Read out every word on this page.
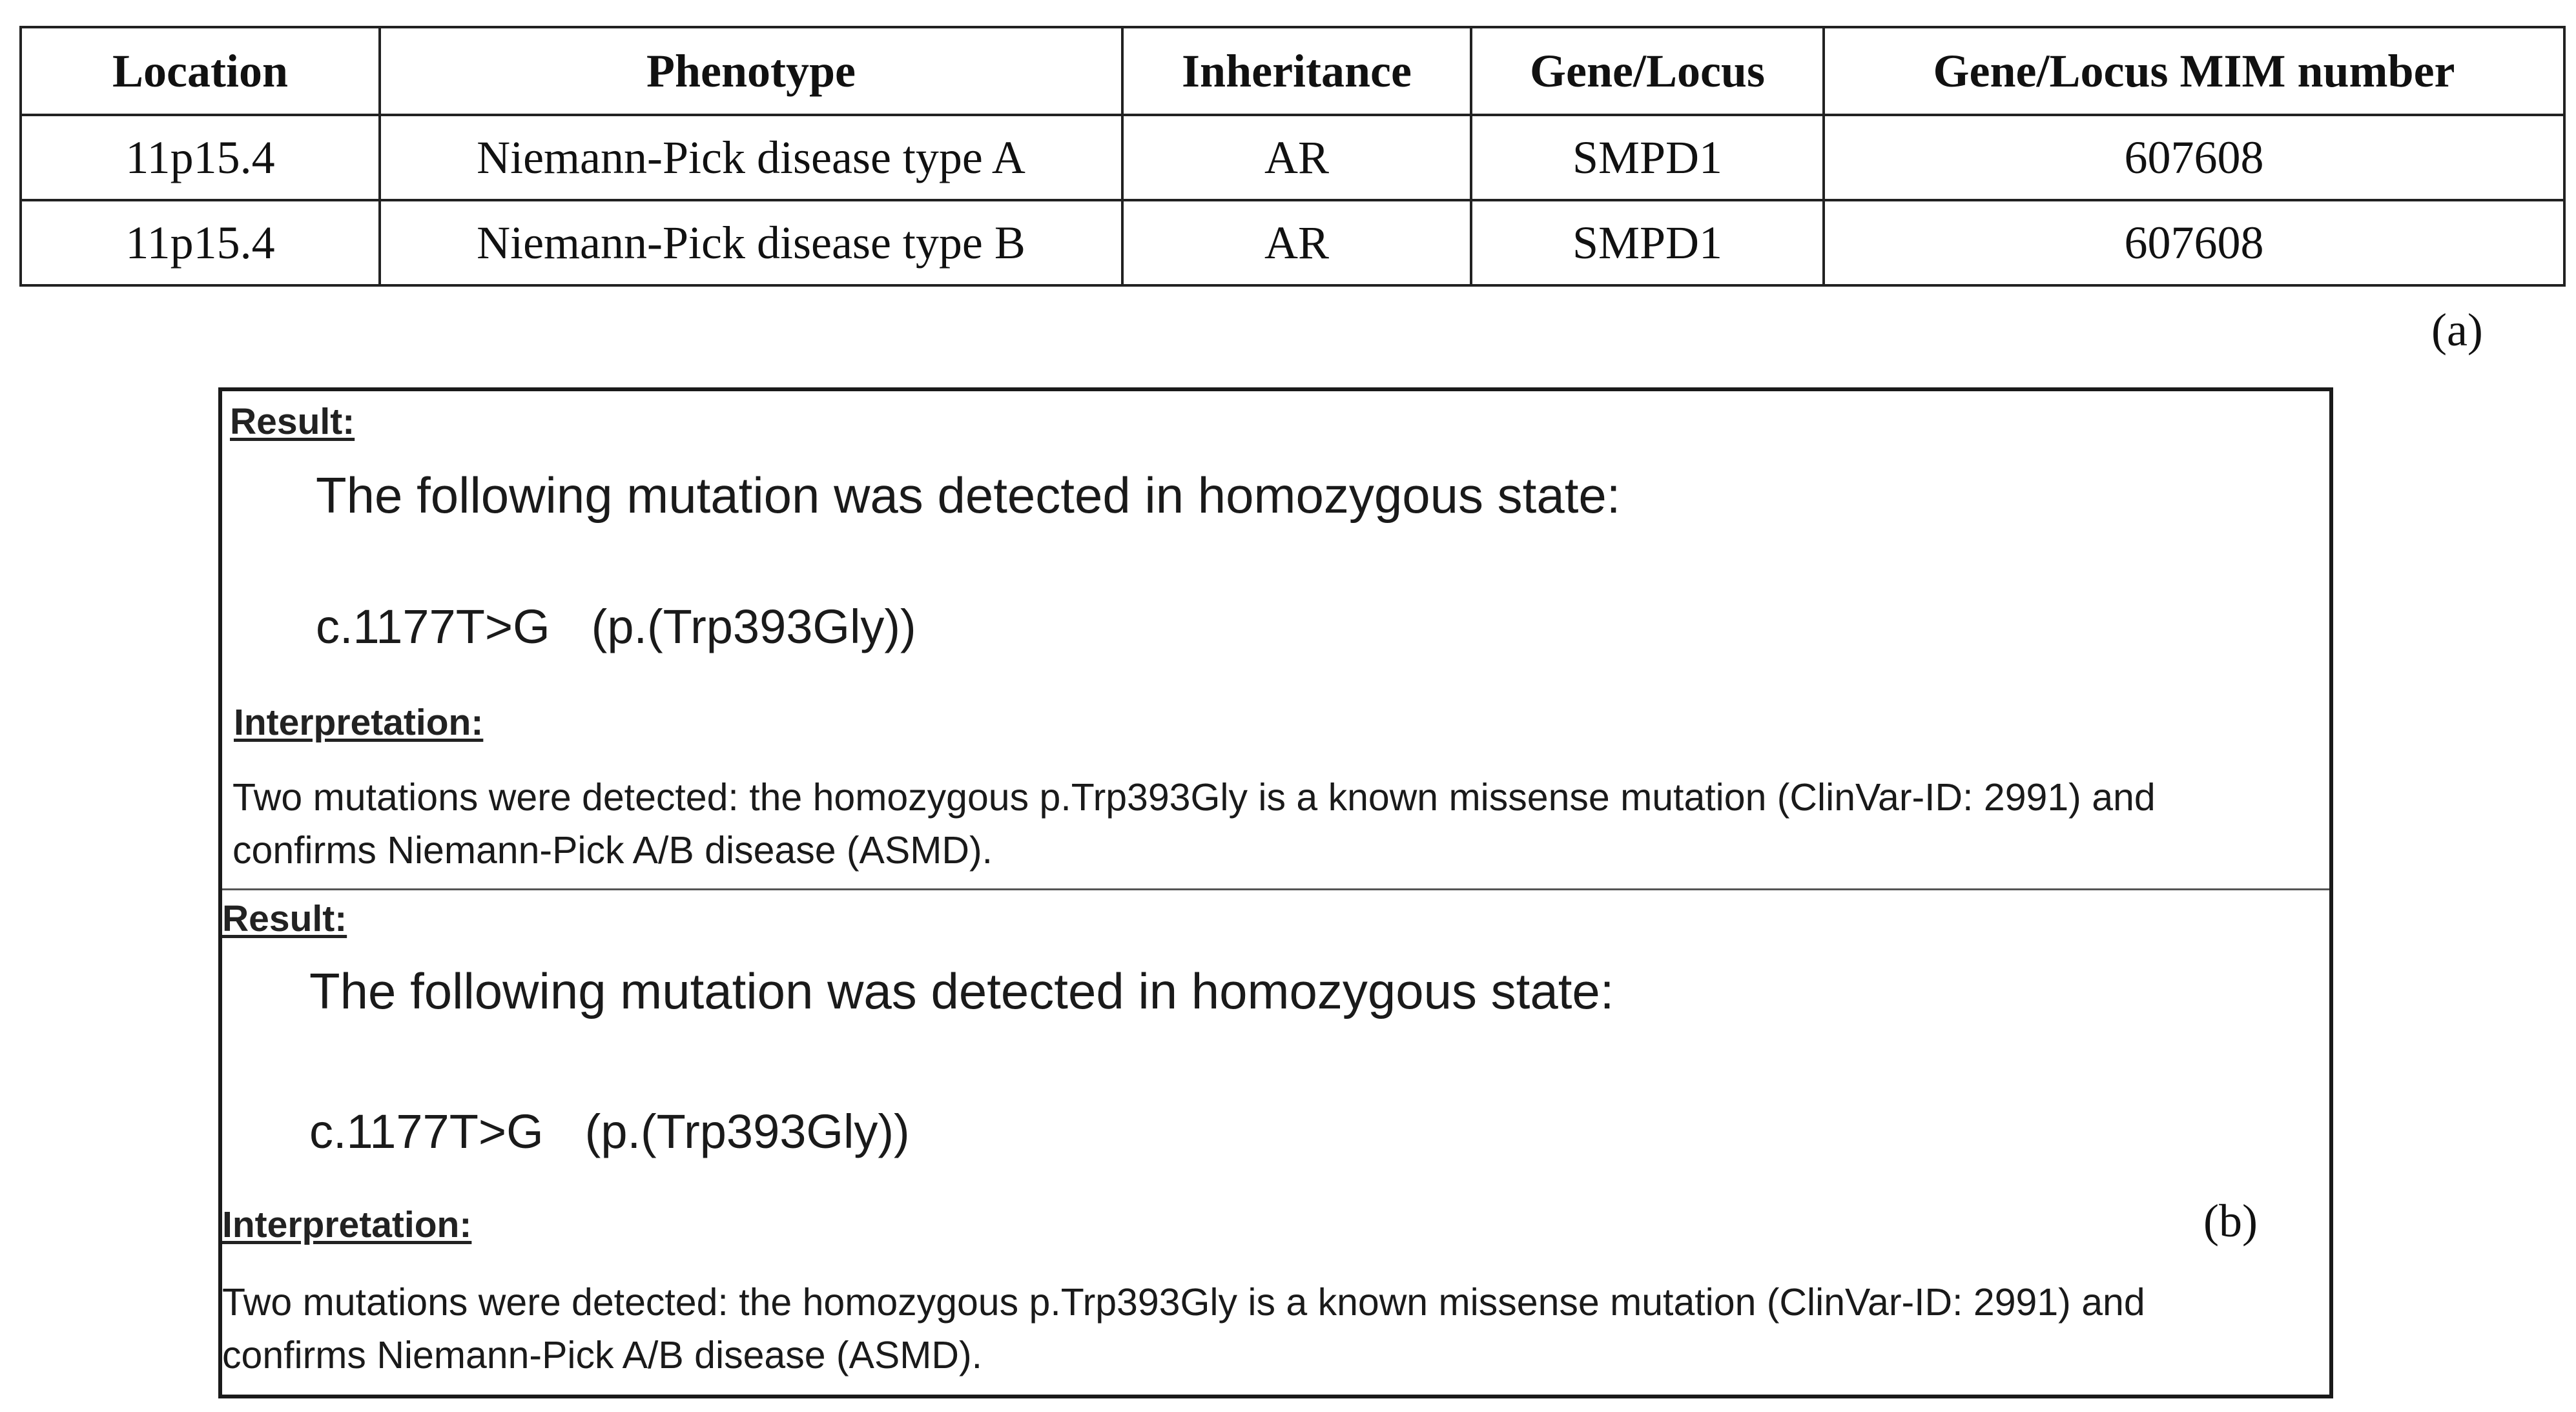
Location	Phenotype	Inheritance	Gene/Locus	Gene/Locus MIM number
11p15.4	Niemann-Pick disease type A	AR	SMPD1	607608
11p15.4	Niemann-Pick disease type B	AR	SMPD1	607608
(a)
Result:
The following mutation was detected in homozygous state:
c.1177T>G (p.(Trp393Gly))
Interpretation:
Two mutations were detected: the homozygous p.Trp393Gly is a known missense mutation (ClinVar-ID: 2991) and
confirms Niemann-Pick A/B disease (ASMD).
Result:
The following mutation was detected in homozygous state:
c.1177T>G (p.(Trp393Gly))
Interpretation:
Two mutations were detected: the homozygous p.Trp393Gly is a known missense mutation (ClinVar-ID: 2991) and
confirms Niemann-Pick A/B disease (ASMD).
(b)
